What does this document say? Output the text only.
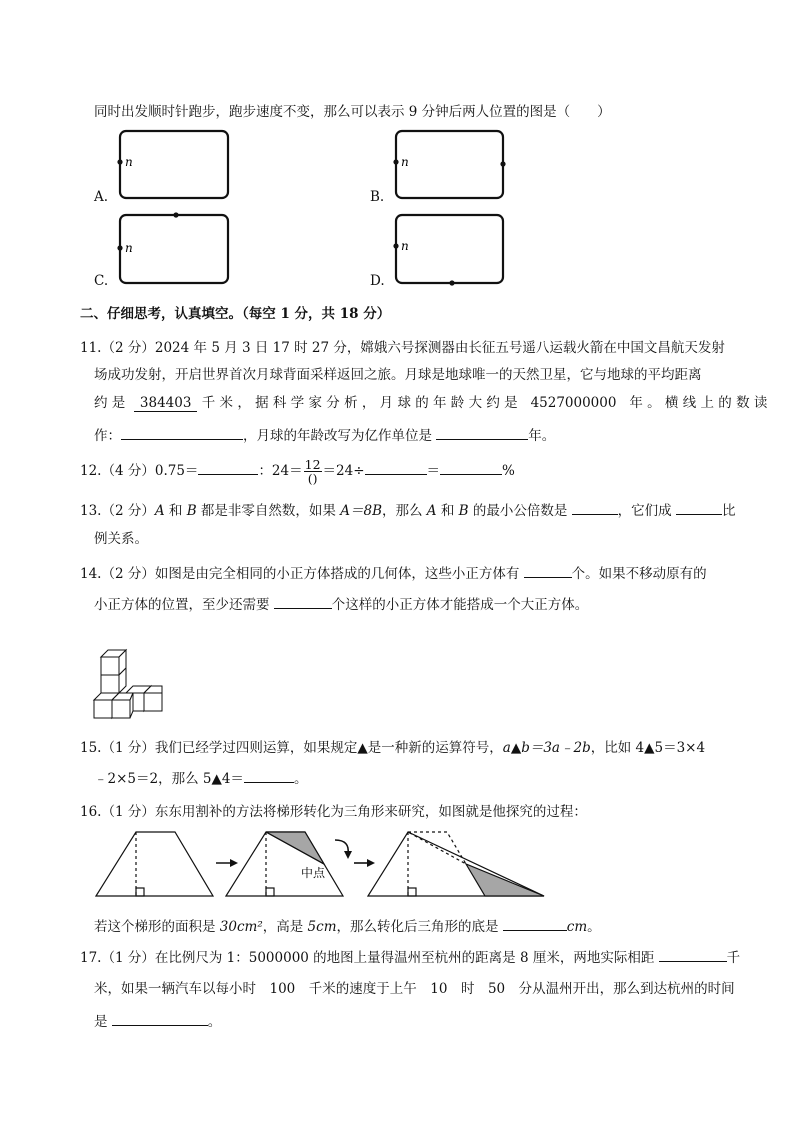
同时出发顺时针跑步，跑步速度不变，那么可以表示 9 分钟后两人位置的图是（　　）
n	n
n	n
A.	B.
C.	D.
二、仔细思考，认真填空。（每空 1 分，共 18 分）
11.（2 分）2024 年 5 月 3 日 17 时 27 分，嫦娥六号探测器由长征五号遥八运载火箭在中国文昌航天发射
场成功发射，开启世界首次月球背面采样返回之旅。月球是地球唯一的天然卫星，它与地球的平均距离
约 是 384403 千 米 ， 据 科 学 家 分 析 ， 月 球 的 年 龄 大 约 是 4527000000 年 。 横 线 上 的 数 读
作：	，月球的年龄改写为亿作单位是	年。
12.（4 分）0.75＝	：$24= \frac{12}{()} =24\div$	＝	%
13.（2 分）A 和 B 都是非零自然数，如果 A＝8B，那么 A 和 B 的最小公倍数是	，它们成	比
例关系。
14.（2 分）如图是由完全相同的小正方体搭成的几何体，这些小正方体有	个。如果不移动原有的
小正方体的位置，至少还需要	个这样的小正方体才能搭成一个大正方体。
15.（1 分）我们已经学过四则运算，如果规定▲是一种新的运算符号，a▲b＝3a﹣2b，比如 4▲5＝3×4
﹣2×5＝2，那么 5▲4＝	。
16.（1 分）东东用割补的方法将梯形转化为三角形来研究，如图就是他探究的过程：
中点
若这个梯形的面积是 30cm²，高是 5cm，那么转化后三角形的底是	cm。
17.（1 分）在比例尺为 1：5000000 的地图上量得温州至杭州的距离是 8 厘米，两地实际相距	千
米，如果一辆汽车以每小时　100　千米的速度于上午　10　时　50　分从温州开出，那么到达杭州的时间
是	。
